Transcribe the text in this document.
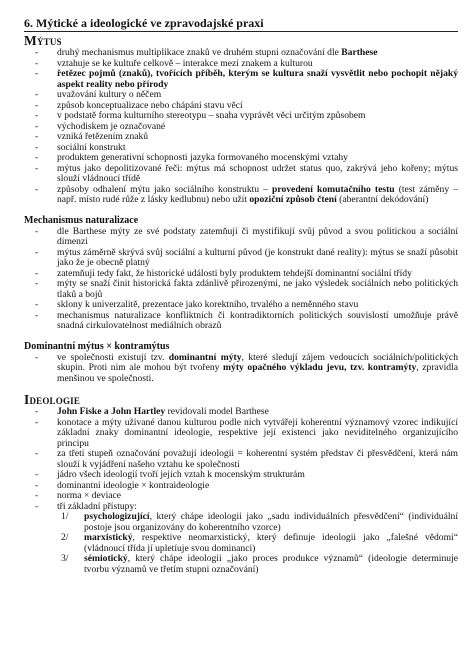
6. Mýtické a ideologické ve zpravodajské praxi
Mýtus
- druhý mechanismus multiplikace znaků ve druhém stupni označování dle Barthese
- vztahuje se ke kultuře celkově – interakce mezi znakem a kulturou
- řetězec pojmů (znaků), tvořících příběh, kterým se kultura snaží vysvětlit nebo pochopit nějaký aspekt reality nebo přírody
- uvažování kultury o něčem
- způsob konceptualizace nebo chápání stavu věcí
- v podstatě forma kulturního stereotypu – snaha vyprávět věci určitým způsobem
- východiskem je označované
- vzniká řetězením znaků
- sociální konstrukt
- produktem generativní schopnosti jazyka formovaného mocenskými vztahy
- mýtus jako depolitizované řeči: mýtus má schopnost udržet status quo, zakrývá jeho kořeny; mýtus slouží vládnoucí třídě
- způsoby odhalení mýtu jako sociálního konstruktu – provedení komutačního testu (test záměny – např. místo rudé růže z lásky kedlubnu) nebo užít opoziční způsob čtení (aberantní dekódování)
Mechanismus naturalizace
- dle Barthese mýty ze své podstaty zatemňují či mystifikují svůj původ a svou politickou a sociální dimenzi
- mýtus záměrně skrývá svůj sociální a kulturní původ (je konstrukt dané reality): mýtus se snaží působit jako že je obecně platný
- zatemňují tedy fakt, že historické události byly produktem tehdejší dominantní sociální třídy
- mýty se snaží činit historická fakta zdánlivě přirozenými, ne jako výsledek sociálních nebo politických tlaků a bojů
- sklony k univerzalitě, prezentace jako korektního, trvalého a neměnného stavu
- mechanismus naturalizace konfliktních či kontradiktorních politických souvislostí umožňuje právě snadná cirkulovatelnost mediálních obrazů
Dominantní mýtus × kontramýtus
- ve společnosti existují tzv. dominantní mýty, které sledují zájem vedoucích sociálních/politických skupin. Proti nim ale mohou být tvořeny mýty opačného výkladu jevu, tzv. kontramýty, zpravidla menšinou ve společnosti.
Ideologie
- John Fiske a John Hartley revidovali model Barthese
- konotace a mýty užívané danou kulturou podle nich vytvářejí koherentní významový vzorec indikující základní znaky dominantní ideologie, respektive její existenci jako neviditelného organizujícího principu
- za třetí stupeň označování považují ideologii = koherentní systém představ či přesvědčení, která nám slouží k vyjádření našeho vztahu ke společnosti
- jádro všech ideologií tvoří jejich vztah k mocenským strukturám
- dominantní ideologie × kontraideologie
- norma × deviace
- tři základní přístupy:
1/ psychologizující, který chápe ideologii jako „sadu individuálních přesvědčení“ (individuální postoje jsou organizovány do koherentního vzorce)
2/ marxistický, respektive neomarxistický, který definuje ideologii jako „falešné vědomí“ (vládnoucí třída jí upletíuje svou dominanci)
3/ sémiotický, který chápe ideologii „jako proces produkce významů“ (ideologie determinuje tvorbu významů ve třetím stupni označování)
